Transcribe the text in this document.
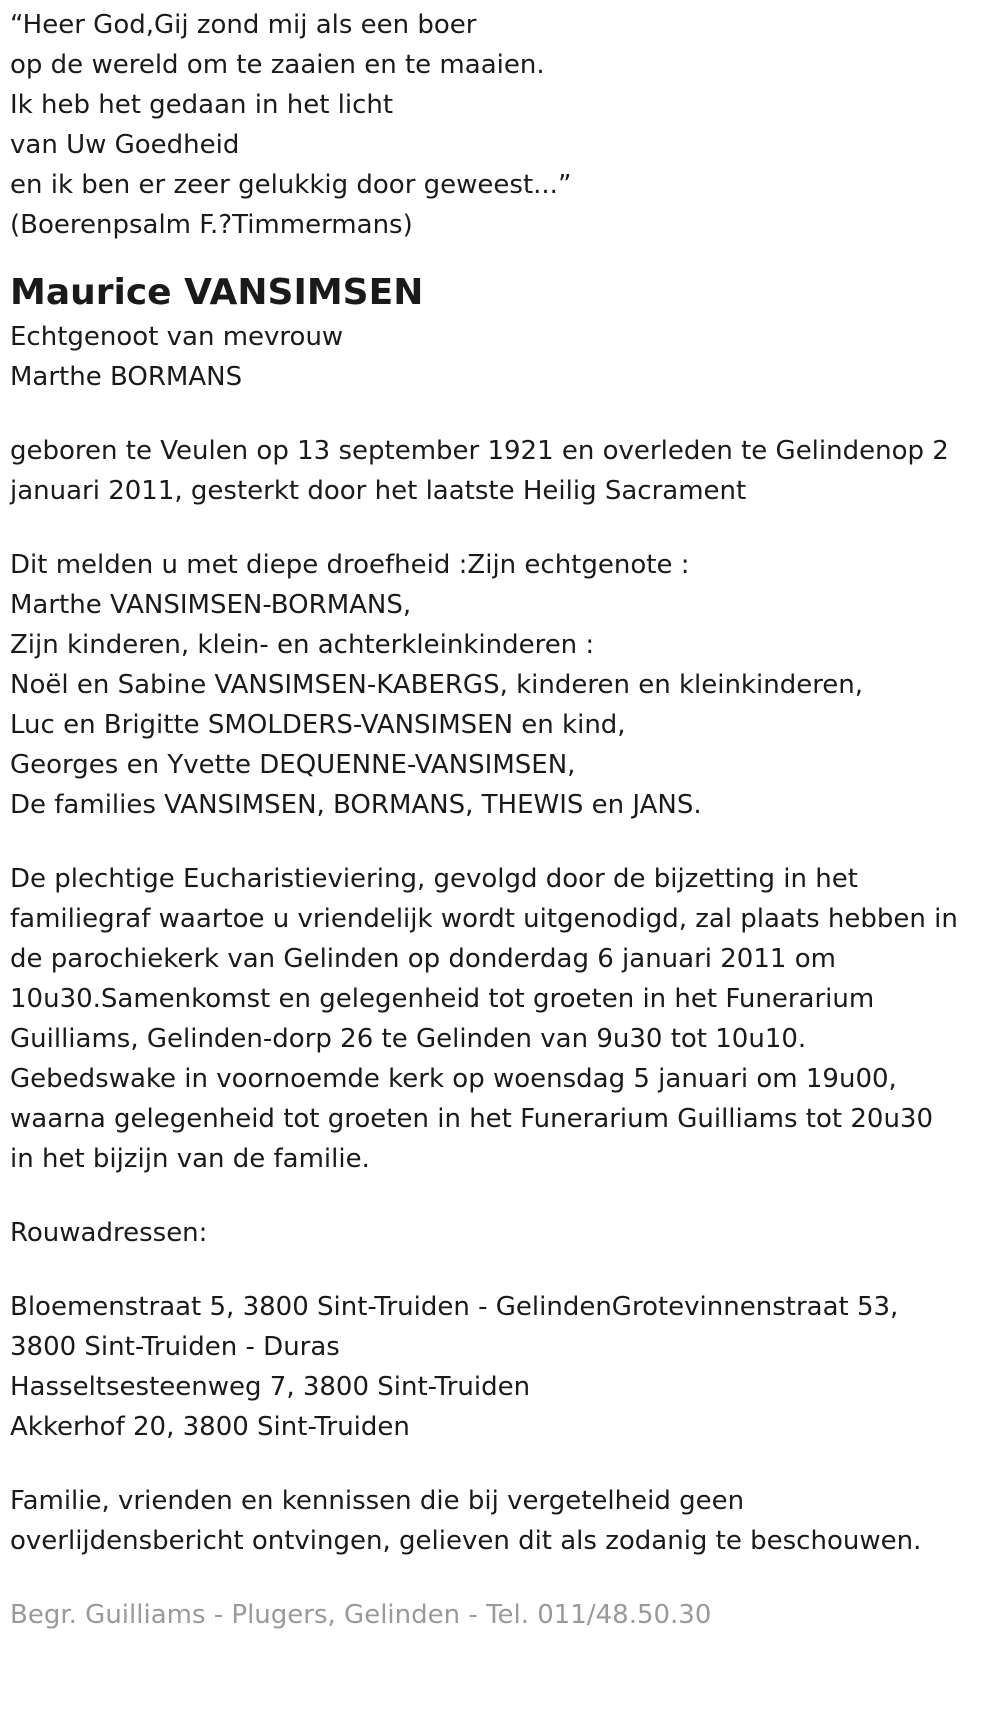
“Heer God,Gij zond mij als een boer
op de wereld om te zaaien en te maaien.
Ik heb het gedaan in het licht
van Uw Goedheid
en ik ben er zeer gelukkig door geweest...”
(Boerenpsalm F.?Timmermans)
Maurice VANSIMSEN
Echtgenoot van mevrouw
Marthe BORMANS
geboren te Veulen op 13 september 1921 en overleden te Gelindenop 2
januari 2011, gesterkt door het laatste Heilig Sacrament
Dit melden u met diepe droefheid :Zijn echtgenote :
Marthe VANSIMSEN-BORMANS,
Zijn kinderen, klein- en achterkleinkinderen :
Noël en Sabine VANSIMSEN-KABERGS, kinderen en kleinkinderen,
Luc en Brigitte SMOLDERS-VANSIMSEN en kind,
Georges en Yvette DEQUENNE-VANSIMSEN,
De families VANSIMSEN, BORMANS, THEWIS en JANS.
De plechtige Eucharistieviering, gevolgd door de bijzetting in het
familiegraf waartoe u vriendelijk wordt uitgenodigd, zal plaats hebben in
de parochiekerk van Gelinden op donderdag 6 januari 2011 om
10u30.Samenkomst en gelegenheid tot groeten in het Funerarium
Guilliams, Gelinden-dorp 26 te Gelinden van 9u30 tot 10u10.
Gebedswake in voornoemde kerk op woensdag 5 januari om 19u00,
waarna gelegenheid tot groeten in het Funerarium Guilliams tot 20u30
in het bijzijn van de familie.
Rouwadressen:
Bloemenstraat 5, 3800 Sint-Truiden - GelindenGrotevinnenstraat 53,
3800 Sint-Truiden - Duras
Hasseltsesteenweg 7, 3800 Sint-Truiden
Akkerhof 20, 3800 Sint-Truiden
Familie, vrienden en kennissen die bij vergetelheid geen
overlijdensbericht ontvingen, gelieven dit als zodanig te beschouwen.
Begr. Guilliams - Plugers, Gelinden - Tel. 011/48.50.30
